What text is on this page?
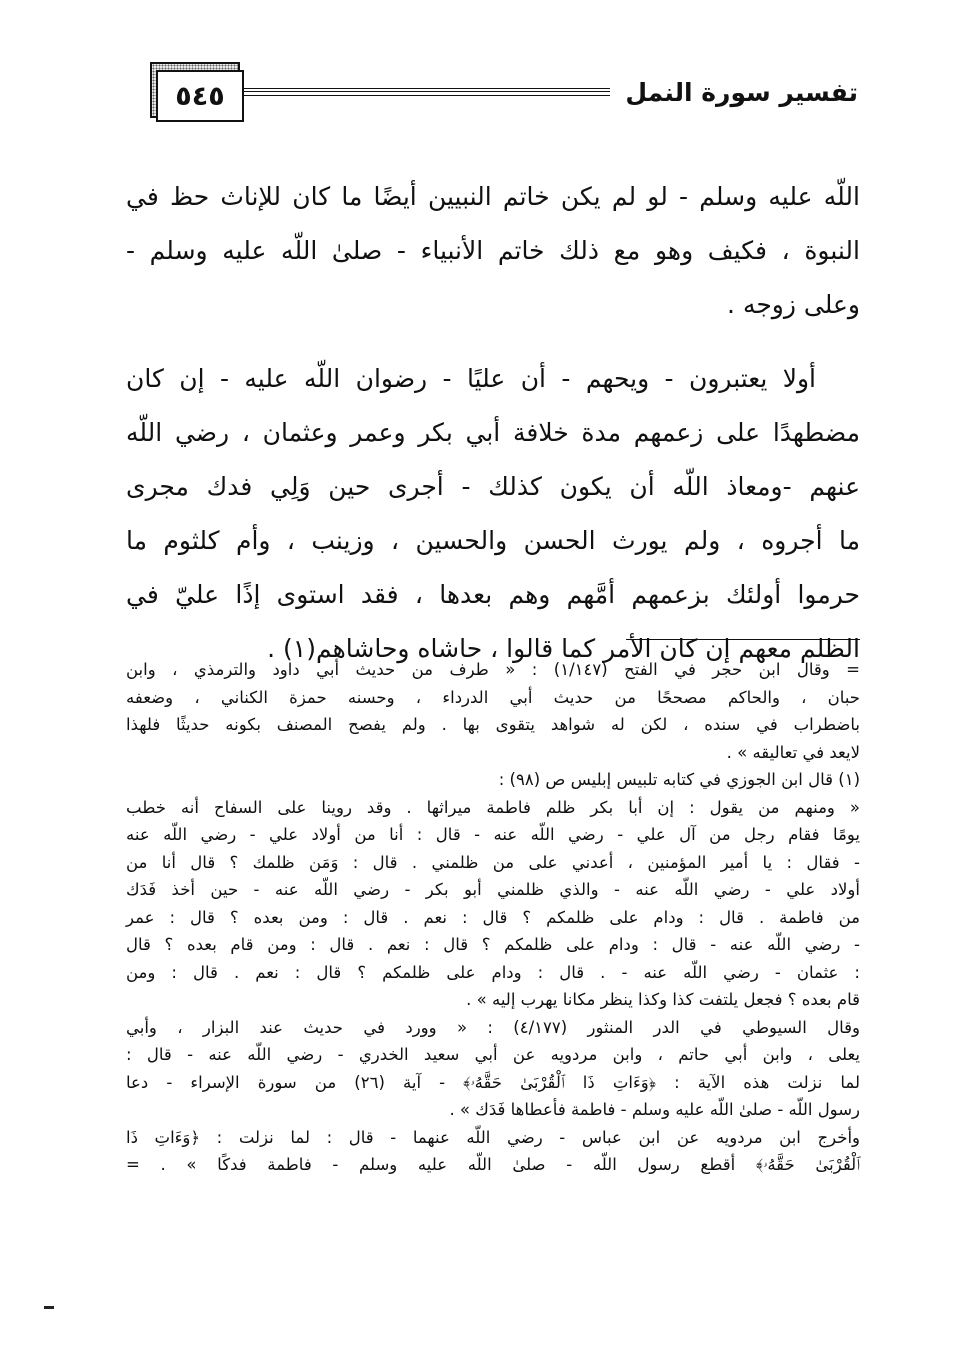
٥٤٥	تفسير سورة النمل
اللّه عليه وسلم - لو لم يكن خاتم النبيين أيضًا ما كان للإناث حظ في
النبوة ، فكيف وهو مع ذلك خاتم الأنبياء - صلىٰ اللّه عليه وسلم -
وعلى زوجه .
أولا يعتبرون - ويحهم - أن عليًا - رضوان اللّه عليه - إن كان
مضطهدًا على زعمهم مدة خلافة أبي بكر وعمر وعثمان ، رضي اللّه
عنهم -ومعاذ اللّه أن يكون كذلك - أجرى حين وَلِي فدك مجرى
ما أجروه ، ولم يورث الحسن والحسين ، وزينب ، وأم كلثوم ما
حرموا أولئك بزعمهم أمَّهم وهم بعدها ، فقد استوى إذًا عليّ في
الظلم معهم إن كان الأمر كما قالوا ، حاشاه وحاشاهم(١) .
= وقال ابن حجر في الفتح (١/١٤٧) : « طرف من حديث أبي داود والترمذي ، وابن
حبان ، والحاكم مصححًا من حديث أبي الدرداء ، وحسنه حمزة الكناني ، وضعفه
باضطراب في سنده ، لكن له شواهد يتقوى بها . ولم يفصح المصنف بكونه حديثًا فلهذا
لايعد في تعاليقه » .
(١) قال ابن الجوزي في كتابه تلبيس إبليس ص (٩٨) :
« ومنهم من يقول : إن أبا بكر ظلم فاطمة ميراثها . وقد روينا على السفاح أنه خطب
يومًا فقام رجل من آل علي - رضي اللّه عنه - قال : أنا من أولاد علي - رضي اللّه عنه
- فقال : يا أمير المؤمنين ، أعدني على من ظلمني . قال : وَمَن ظلمك ؟ قال أنا من
أولاد علي - رضي اللّه عنه - والذي ظلمني أبو بكر - رضي اللّه عنه - حين أخذ فَدَك
من فاطمة . قال : ودام على ظلمكم ؟ قال : نعم . قال : ومن بعده ؟ قال : عمر
- رضي اللّه عنه - قال : ودام على ظلمكم ؟ قال : نعم . قال : ومن قام بعده ؟ قال
: عثمان - رضي اللّه عنه - . قال : ودام على ظلمكم ؟ قال : نعم . قال : ومن
قام بعده ؟ فجعل يلتفت كذا وكذا ينظر مكانا يهرب إليه » .
وقال السيوطي في الدر المنثور (٤/١٧٧) : « وورد في حديث عند البزار ، وأبي
يعلى ، وابن أبي حاتم ، وابن مردويه عن أبي سعيد الخدري - رضي اللّه عنه - قال :
لما نزلت هذه الآية : ﴿وَءَاتِ ذَا ٱلْقُرْبَىٰ حَقَّهُۥ﴾ - آية (٢٦) من سورة الإسراء - دعا
رسول اللّه - صلىٰ اللّه عليه وسلم - فاطمة فأعطاها فَدَك » .
وأخرج ابن مردويه عن ابن عباس - رضي اللّه عنهما - قال : لما نزلت : ﴿وَءَاتِ ذَا
ٱلْقُرْبَىٰ حَقَّهُۥ﴾ أقطع رسول اللّه - صلىٰ اللّه عليه وسلم - فاطمة فدكًا » . =
